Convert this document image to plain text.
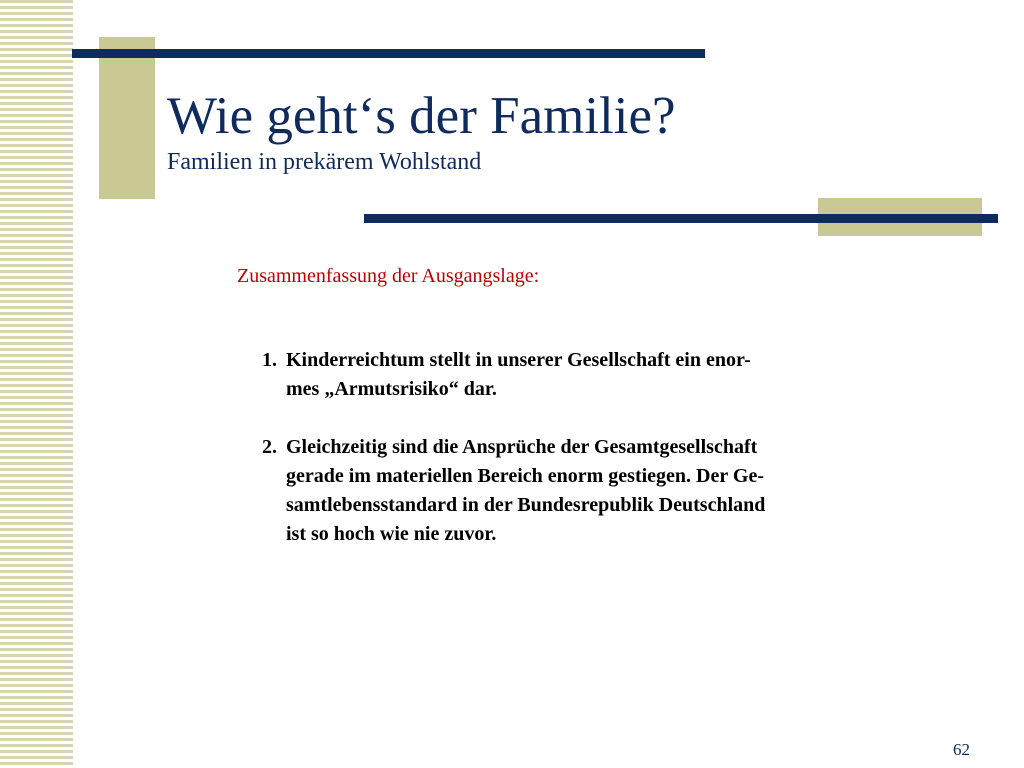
Wie geht‘s der Familie?
Familien in prekärem Wohlstand

Zusammenfassung der Ausgangslage:

1. Kinderreichtum stellt in unserer Gesellschaft ein enor-
mes „Armutsrisiko“ dar.
2. Gleichzeitig sind die Ansprüche der Gesamtgesellschaft
gerade im materiellen Bereich enorm gestiegen. Der Ge-
samtlebensstandard in der Bundesrepublik Deutschland
ist so hoch wie nie zuvor.
62
